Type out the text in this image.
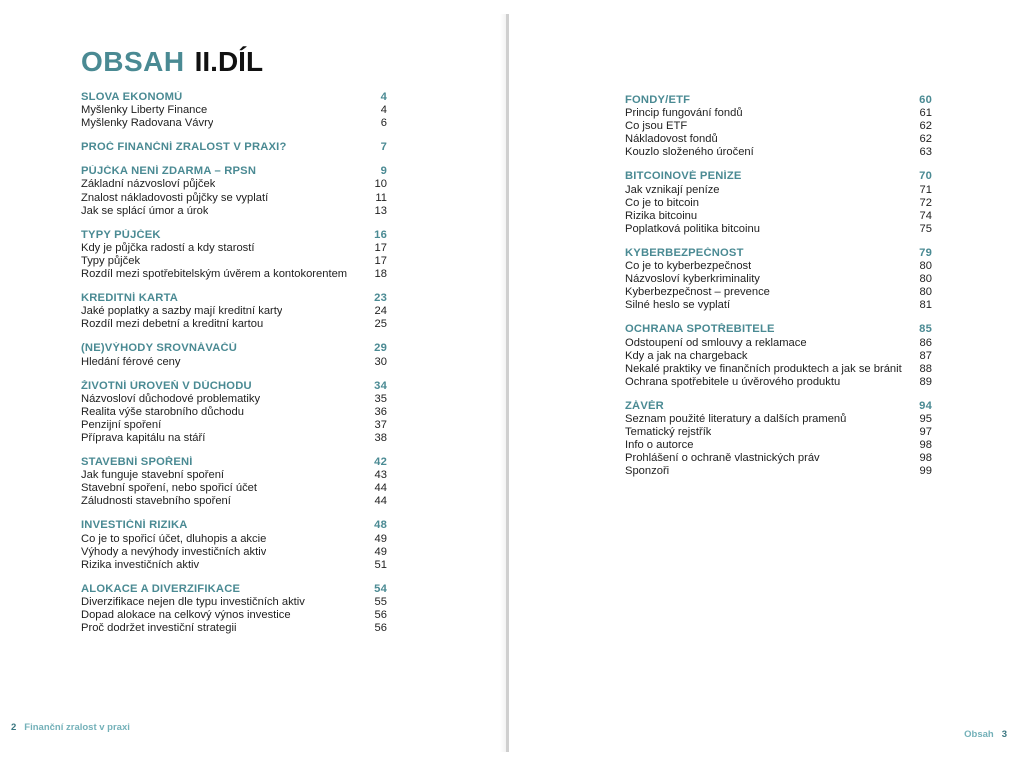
OBSAH II.DÍL
SLOVA EKONOMŮ	4
Myšlenky Liberty Finance	4
Myšlenky Radovana Vávry	6
PROČ FINANČNÍ ZRALOST V PRAXI?	7
PŮJČKA NENÍ ZDARMA – RPSN	9
Základní názvosloví půjček	10
Znalost nákladovosti půjčky se vyplatí	11
Jak se splácí úmor a úrok	13
TYPY PŮJČEK	16
Kdy je půjčka radostí a kdy starostí	17
Typy půjček	17
Rozdíl mezi spotřebitelským úvěrem a kontokorentem	18
KREDITNÍ KARTA	23
Jaké poplatky a sazby mají kreditní karty	24
Rozdíl mezi debetní a kreditní kartou	25
(NE)VÝHODY SROVNÁVAČŮ	29
Hledání férové ceny	30
ŽIVOTNÍ ÚROVEŇ V DŮCHODU	34
Názvosloví důchodové problematiky	35
Realita výše starobního důchodu	36
Penzijní spoření	37
Příprava kapitálu na stáří	38
STAVEBNÍ SPOŘENÍ	42
Jak funguje stavební spoření	43
Stavební spoření, nebo spořicí účet	44
Záludnosti stavebního spoření	44
INVESTIČNÍ RIZIKA	48
Co je to spořicí účet, dluhopis a akcie	49
Výhody a nevýhody investičních aktiv	49
Rizika investičních aktiv	51
ALOKACE A DIVERZIFIKACE	54
Diverzifikace nejen dle typu investičních aktiv	55
Dopad alokace na celkový výnos investice	56
Proč dodržet investiční strategii	56
2 Finanční zralost v praxi
Obsah 3
FONDY/ETF	60
Princip fungování fondů	61
Co jsou ETF	62
Nákladovost fondů	62
Kouzlo složeného úročení	63
BITCOINOVÉ PENÍZE	70
Jak vznikají peníze	71
Co je to bitcoin	72
Rizika bitcoinu	74
Poplatková politika bitcoinu	75
KYBERBEZPEČNOST	79
Co je to kyberbezpečnost	80
Názvosloví kyberkriminality	80
Kyberbezpečnost – prevence	80
Silné heslo se vyplatí	81
OCHRANA SPOTŘEBITELE	85
Odstoupení od smlouvy a reklamace	86
Kdy a jak na chargeback	87
Nekalé praktiky ve finančních produktech a jak se bránit	88
Ochrana spotřebitele u úvěrového produktu	89
ZÁVĚR	94
Seznam použité literatury a dalších pramenů	95
Tematický rejstřík	97
Info o autorce	98
Prohlášení o ochraně vlastnických práv	98
Sponzoři	99
